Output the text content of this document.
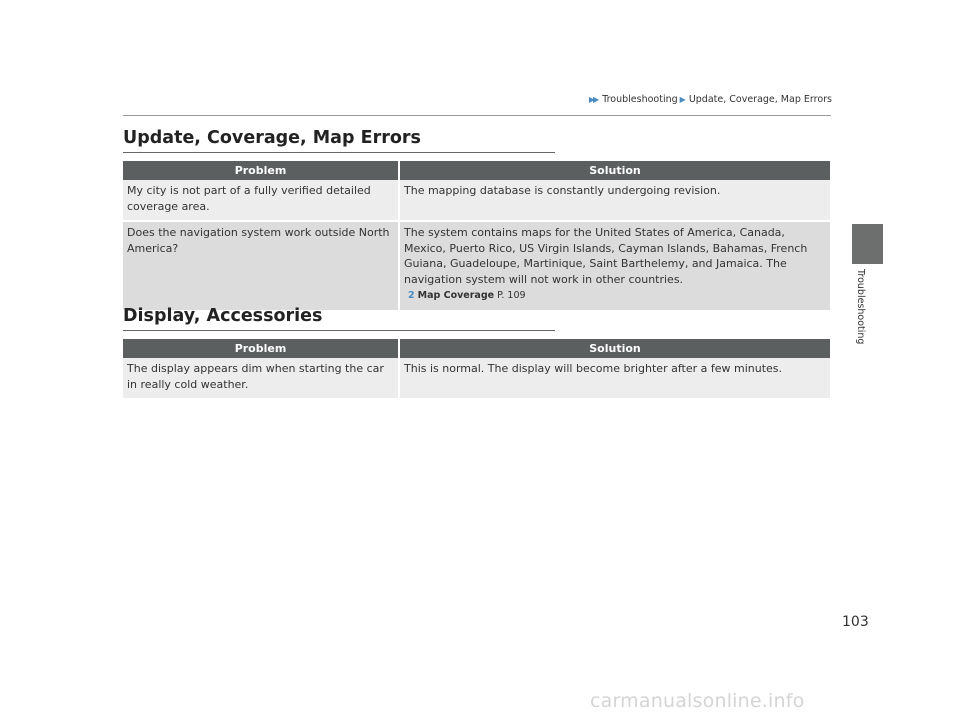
▶▶ Troubleshooting ▶ Update, Coverage, Map Errors
Troubleshooting
Update, Coverage, Map Errors
Problem	Solution
My city is not part of a fully verified detailed coverage area.	The mapping database is constantly undergoing revision.
Does the navigation system work outside North America?	The system contains maps for the United States of America, Canada, Mexico, Puerto Rico, US Virgin Islands, Cayman Islands, Bahamas, French Guiana, Guadeloupe, Martinique, Saint Barthelemy, and Jamaica. The navigation system will not work in other countries.
2 Map Coverage P. 109
Display, Accessories
Problem	Solution
The display appears dim when starting the car in really cold weather.	This is normal. The display will become brighter after a few minutes.
103
carmanualsonline.info
